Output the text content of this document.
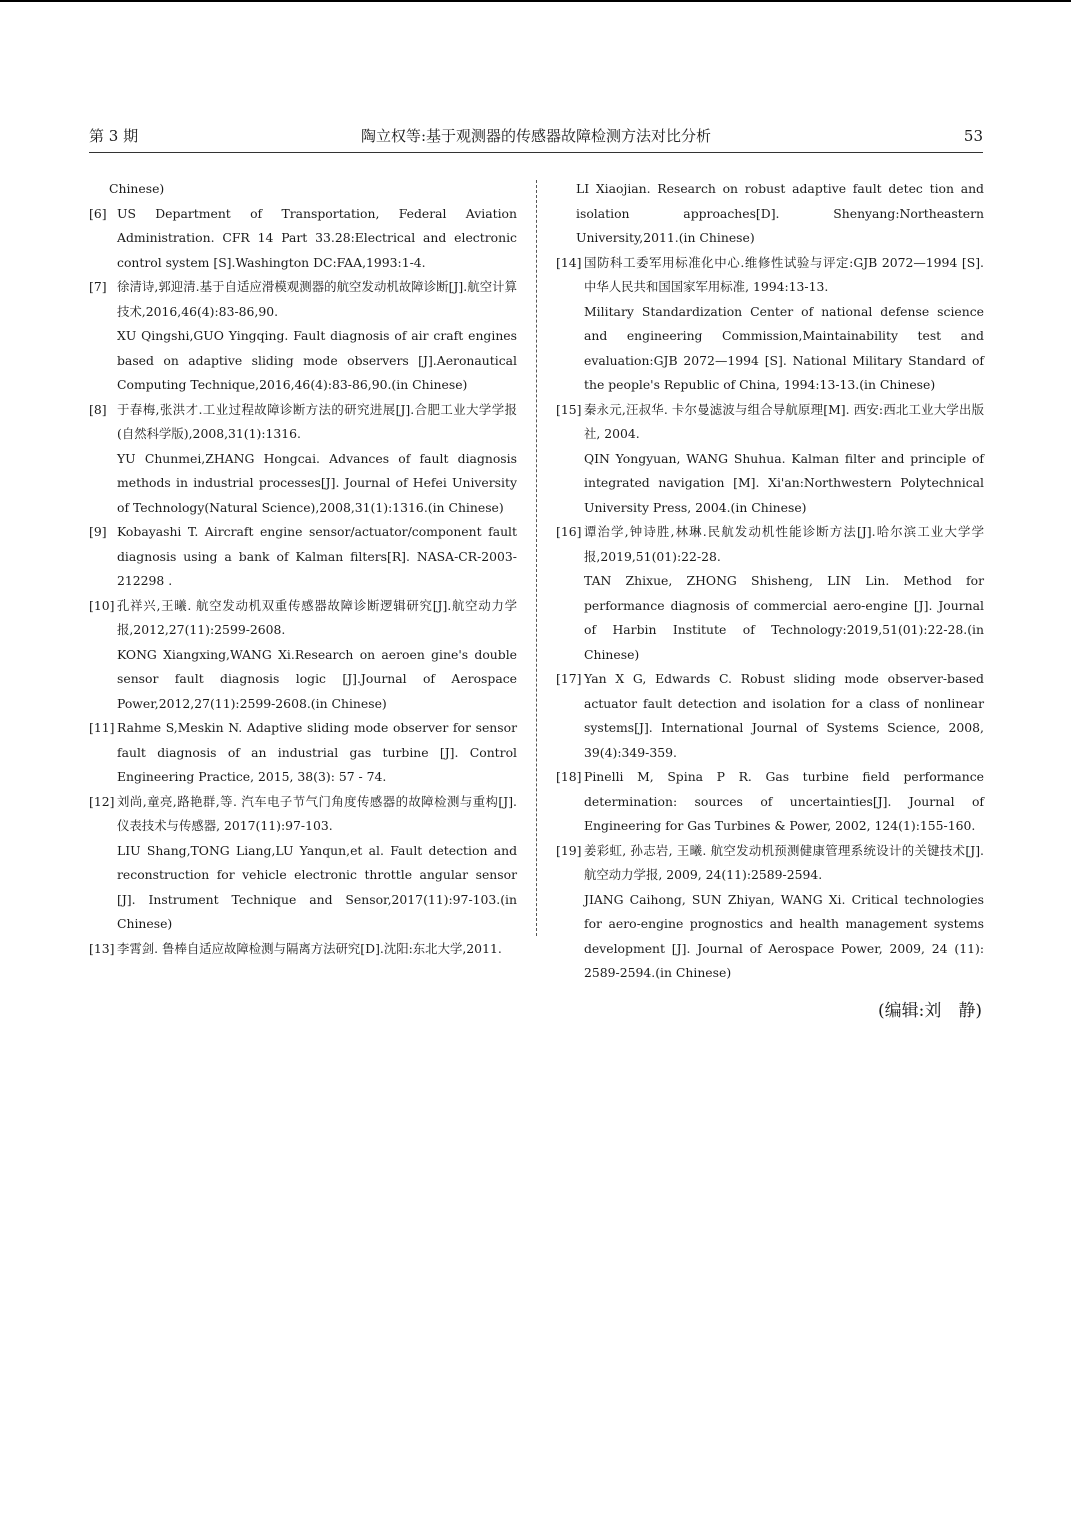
第 3 期	陶立权等:基于观测器的传感器故障检测方法对比分析	53

Chinese)

[6] US Department of Transportation, Federal Aviation Administration. CFR 14 Part 33.28:Electrical and electronic control system [S].Washington DC:FAA,1993:1-4.

[7] 徐清诗,郭迎清.基于自适应滑模观测器的航空发动机故障诊断[J].航空计算技术,2016,46(4):83-86,90.

XU Qingshi,GUO Yingqing. Fault diagnosis of air craft engines based on adaptive sliding mode observers [J].Aeronautical Computing Technique,2016,46(4):83-86,90.(in Chinese)

[8] 于春梅,张洪才.工业过程故障诊断方法的研究进展[J].合肥工业大学学报(自然科学版),2008,31(1):1316.

YU Chunmei,ZHANG Hongcai. Advances of fault diagnosis methods in industrial processes[J]. Journal of Hefei University of Technology(Natural Science),2008,31(1):1316.(in Chinese)

[9] Kobayashi T. Aircraft engine sensor/actuator/component fault diagnosis using a bank of Kalman filters[R]. NASA-CR-2003-212298 .

[10] 孔祥兴,王曦. 航空发动机双重传感器故障诊断逻辑研究[J].航空动力学报,2012,27(11):2599-2608.

KONG Xiangxing,WANG Xi.Research on aeroen gine's double sensor fault diagnosis logic [J].Journal of Aerospace Power,2012,27(11):2599-2608.(in Chinese)

[11] Rahme S,Meskin N. Adaptive sliding mode observer for sensor fault diagnosis of an industrial gas turbine [J]. Control Engineering Practice, 2015, 38(3): 57 - 74.

[12] 刘尚,童亮,路艳群,等. 汽车电子节气门角度传感器的故障检测与重构[J]. 仪表技术与传感器, 2017(11):97-103.

LIU Shang,TONG Liang,LU Yanqun,et al. Fault detection and reconstruction for vehicle electronic throttle angular sensor [J]. Instrument Technique and Sensor,2017(11):97-103.(in Chinese)

[13] 李霄剑. 鲁棒自适应故障检测与隔离方法研究[D].沈阳:东北大学,2011.

LI Xiaojian. Research on robust adaptive fault detec tion and isolation approaches[D]. Shenyang:Northeastern University,2011.(in Chinese)

[14] 国防科工委军用标准化中心.维修性试验与评定:GJB 2072—1994 [S]. 中华人民共和国国家军用标准, 1994:13-13.

Military Standardization Center of national defense science and engineering Commission,Maintainability test and evaluation:GJB 2072—1994 [S]. National Military Standard of the people's Republic of China, 1994:13-13.(in Chinese)

[15] 秦永元,汪叔华. 卡尔曼滤波与组合导航原理[M]. 西安:西北工业大学出版社, 2004.

QIN Yongyuan, WANG Shuhua. Kalman filter and principle of integrated navigation [M]. Xi'an:Northwestern Polytechnical University Press, 2004.(in Chinese)

[16] 谭治学,钟诗胜,林琳.民航发动机性能诊断方法[J].哈尔滨工业大学学报,2019,51(01):22-28.

TAN Zhixue, ZHONG Shisheng, LIN Lin. Method for performance diagnosis of commercial aero-engine [J]. Journal of Harbin Institute of Technology:2019,51(01):22-28.(in Chinese)

[17] Yan X G, Edwards C. Robust sliding mode observer-based actuator fault detection and isolation for a class of nonlinear systems[J]. International Journal of Systems Science, 2008, 39(4):349-359.

[18] Pinelli M, Spina P R. Gas turbine field performance determination: sources of uncertainties[J]. Journal of Engineering for Gas Turbines & Power, 2002, 124(1):155-160.

[19] 姜彩虹, 孙志岩, 王曦. 航空发动机预测健康管理系统设计的关键技术[J]. 航空动力学报, 2009, 24(11):2589-2594.

JIANG Caihong, SUN Zhiyan, WANG Xi. Critical technologies for aero-engine prognostics and health management systems development [J]. Journal of Aerospace Power, 2009, 24 (11): 2589-2594.(in Chinese)

(编辑:刘　静)
